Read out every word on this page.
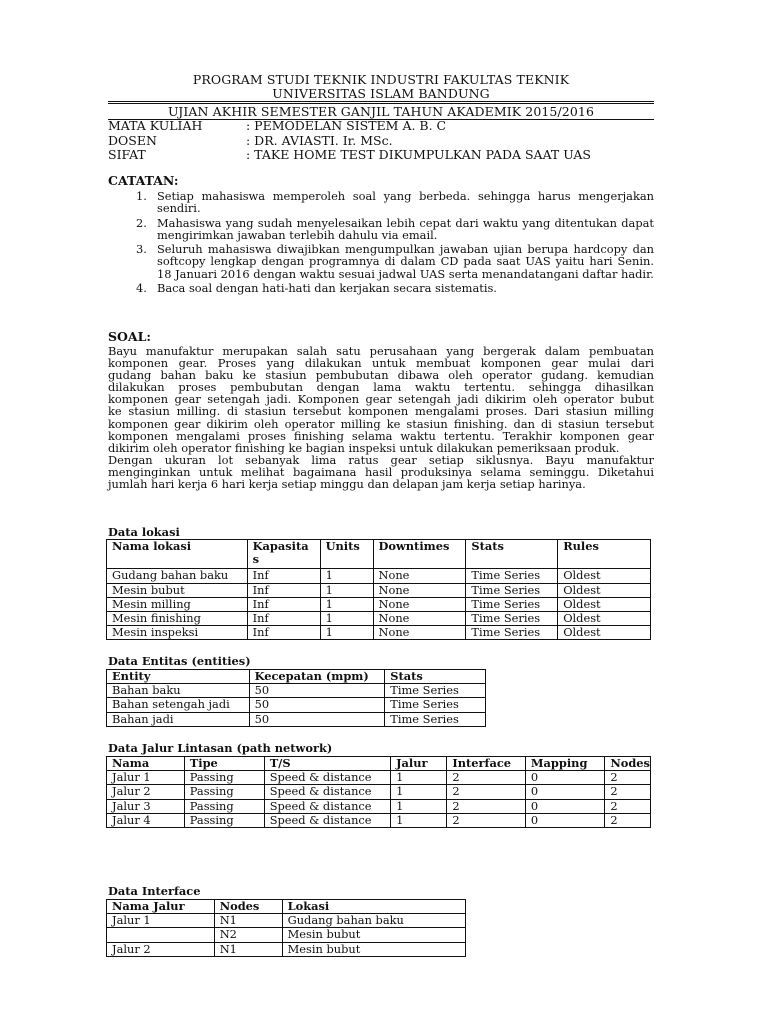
PROGRAM STUDI TEKNIK INDUSTRI FAKULTAS TEKNIK
UNIVERSITAS ISLAM BANDUNG
UJIAN AKHIR SEMESTER GANJIL TAHUN AKADEMIK 2015/2016
MATA KULIAH	: PEMODELAN SISTEM A. B. C
DOSEN	: DR. AVIASTI. Ir. MSc.
SIFAT	: TAKE HOME TEST DIKUMPULKAN PADA SAAT UAS
CATATAN:
1. Setiap mahasiswa memperoleh soal yang berbeda. sehingga harus mengerjakan sendiri.
2. Mahasiswa yang sudah menyelesaikan lebih cepat dari waktu yang ditentukan dapat mengirimkan jawaban terlebih dahulu via email.
3. Seluruh mahasiswa diwajibkan mengumpulkan jawaban ujian berupa hardcopy dan softcopy lengkap dengan programnya di dalam CD pada saat UAS yaitu hari Senin. 18 Januari 2016 dengan waktu sesuai jadwal UAS serta menandatangani daftar hadir.
4. Baca soal dengan hati-hati dan kerjakan secara sistematis.
SOAL:

Bayu manufaktur merupakan salah satu perusahaan yang bergerak dalam pembuatan

komponen gear. Proses yang dilakukan untuk membuat komponen gear mulai dari

gudang bahan baku ke stasiun pembubutan dibawa oleh operator gudang. kemudian

dilakukan proses pembubutan dengan lama waktu tertentu. sehingga dihasilkan

komponen gear setengah jadi. Komponen gear setengah jadi dikirim oleh operator bubut

ke stasiun milling. di stasiun tersebut komponen mengalami proses. Dari stasiun milling

komponen gear dikirim oleh operator milling ke stasiun finishing. dan di stasiun tersebut

komponen mengalami proses finishing selama waktu tertentu. Terakhir komponen gear

dikirim oleh operator finishing ke bagian inspeksi untuk dilakukan pemeriksaan produk.

Dengan ukuran lot sebanyak lima ratus gear setiap siklusnya. Bayu manufaktur

menginginkan untuk melihat bagaimana hasil produksinya selama seminggu. Diketahui

jumlah hari kerja 6 hari kerja setiap minggu dan delapan jam kerja setiap harinya.

Data lokasi
Nama lokasi	Kapasitas	Units	Downtimes	Stats	Rules
Gudang bahan baku	Inf	1	None	Time Series	Oldest
Mesin bubut	Inf	1	None	Time Series	Oldest
Mesin milling	Inf	1	None	Time Series	Oldest
Mesin finishing	Inf	1	None	Time Series	Oldest
Mesin inspeksi	Inf	1	None	Time Series	Oldest
Data Entitas (entities)
Entity	Kecepatan (mpm)	Stats
Bahan baku	50	Time Series
Bahan setengah jadi	50	Time Series
Bahan jadi	50	Time Series
Data Jalur Lintasan (path network)
Nama	Tipe	T/S	Jalur	Interface	Mapping	Nodes
Jalur 1	Passing	Speed & distance	1	2	0	2
Jalur 2	Passing	Speed & distance	1	2	0	2
Jalur 3	Passing	Speed & distance	1	2	0	2
Jalur 4	Passing	Speed & distance	1	2	0	2
Data Interface
Nama Jalur	Nodes	Lokasi
Jalur 1	N1	Gudang bahan baku
	N2	Mesin bubut
Jalur 2	N1	Mesin bubut
